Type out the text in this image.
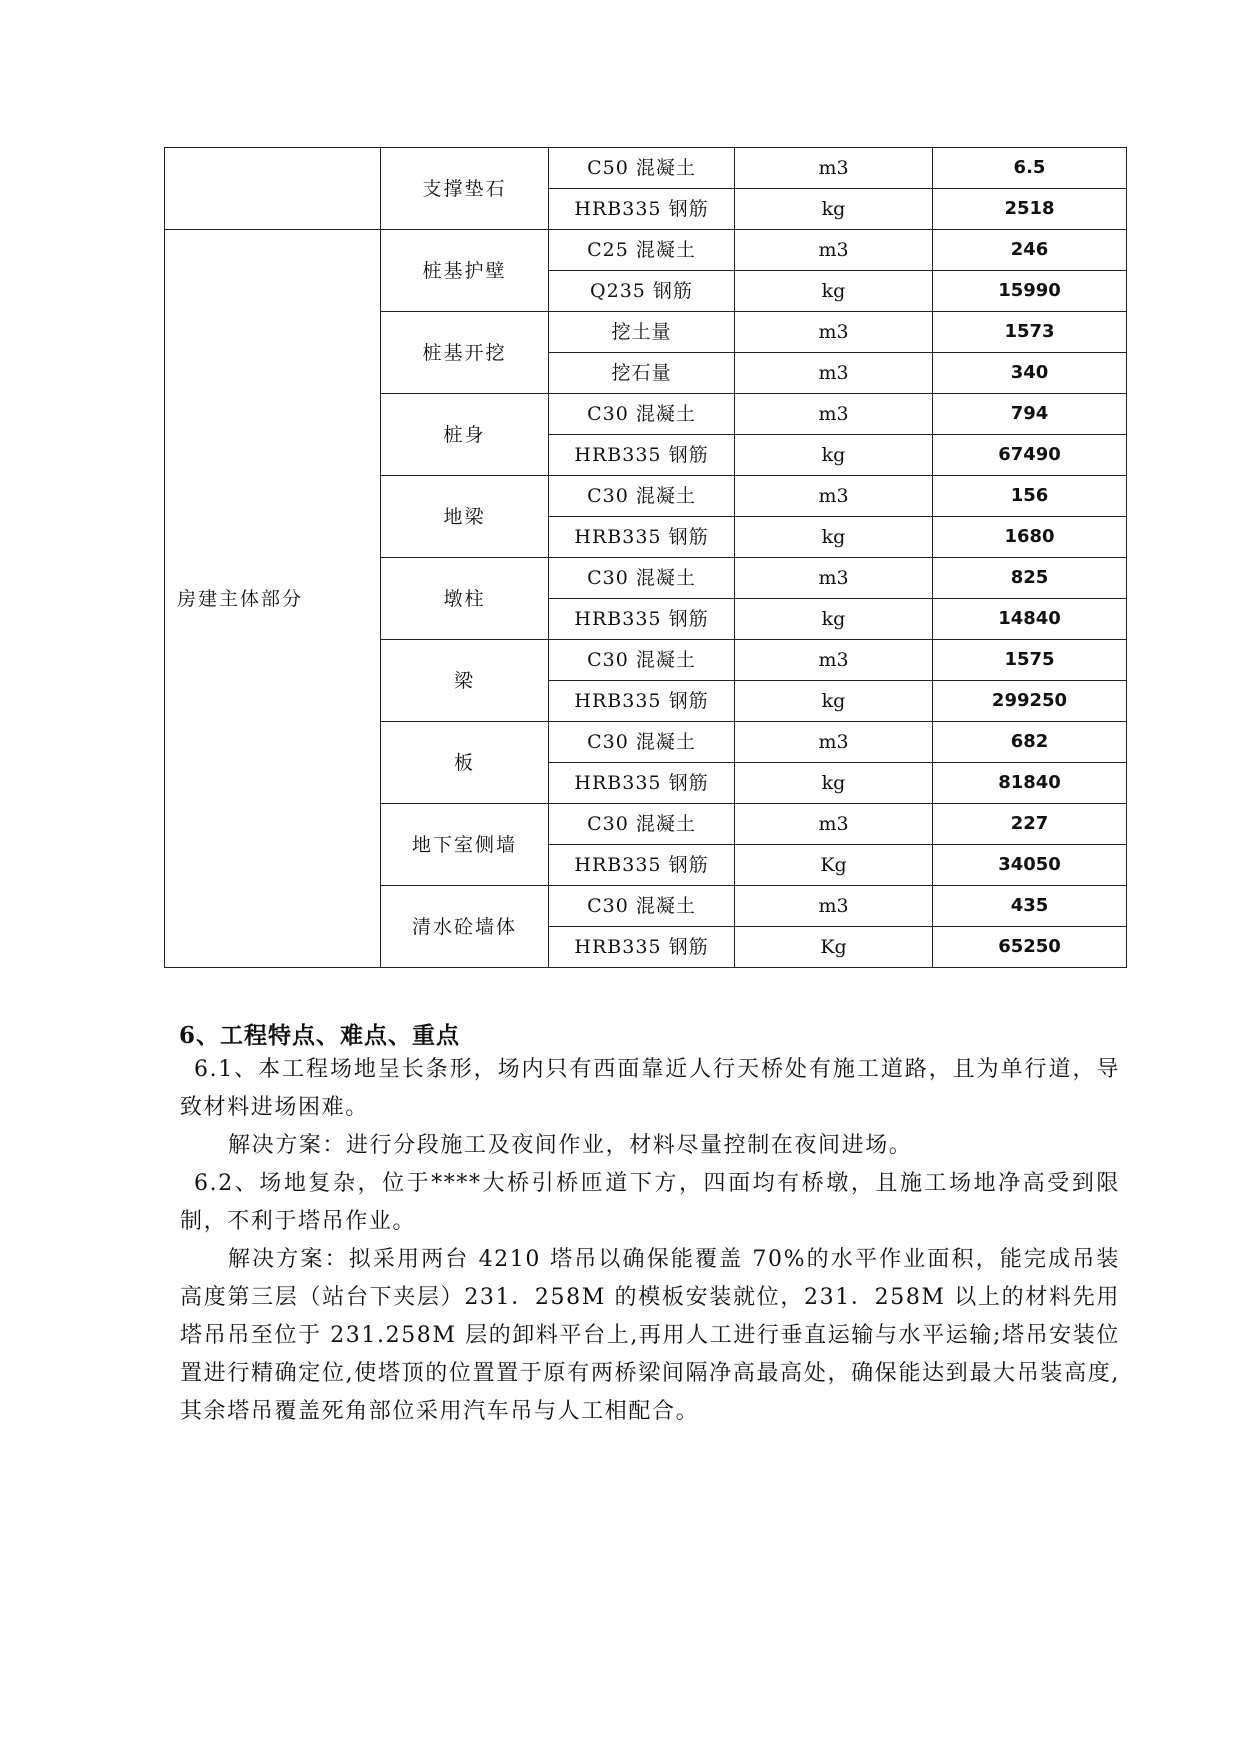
	支撑垫石	C50 混凝土	m3	6.5
		HRB335 钢筋	kg	2518
房建主体部分	桩基护壁	C25 混凝土	m3	246
		Q235 钢筋	kg	15990
	桩基开挖	挖土量	m3	1573
		挖石量	m3	340
	桩身	C30 混凝土	m3	794
		HRB335 钢筋	kg	67490
	地梁	C30 混凝土	m3	156
		HRB335 钢筋	kg	1680
	墩柱	C30 混凝土	m3	825
		HRB335 钢筋	kg	14840
	梁	C30 混凝土	m3	1575
		HRB335 钢筋	kg	299250
	板	C30 混凝土	m3	682
		HRB335 钢筋	kg	81840
	地下室侧墙	C30 混凝土	m3	227
		HRB335 钢筋	Kg	34050
	清水砼墙体	C30 混凝土	m3	435
		HRB335 钢筋	Kg	65250
6、工程特点、难点、重点

6.1、本工程场地呈长条形，场内只有西面靠近人行天桥处有施工道路，且为单行道，导致材料进场困难。

解决方案：进行分段施工及夜间作业，材料尽量控制在夜间进场。

6.2、场地复杂，位于****大桥引桥匝道下方，四面均有桥墩，且施工场地净高受到限制，不利于塔吊作业。

解决方案：拟采用两台 4210 塔吊以确保能覆盖 70%的水平作业面积，能完成吊装高度第三层（站台下夹层）231．258M 的模板安装就位，231．258M 以上的材料先用塔吊吊至位于 231.258M 层的卸料平台上,再用人工进行垂直运输与水平运输;塔吊安装位置进行精确定位,使塔顶的位置置于原有两桥梁间隔净高最高处，确保能达到最大吊装高度,其余塔吊覆盖死角部位采用汽车吊与人工相配合。
